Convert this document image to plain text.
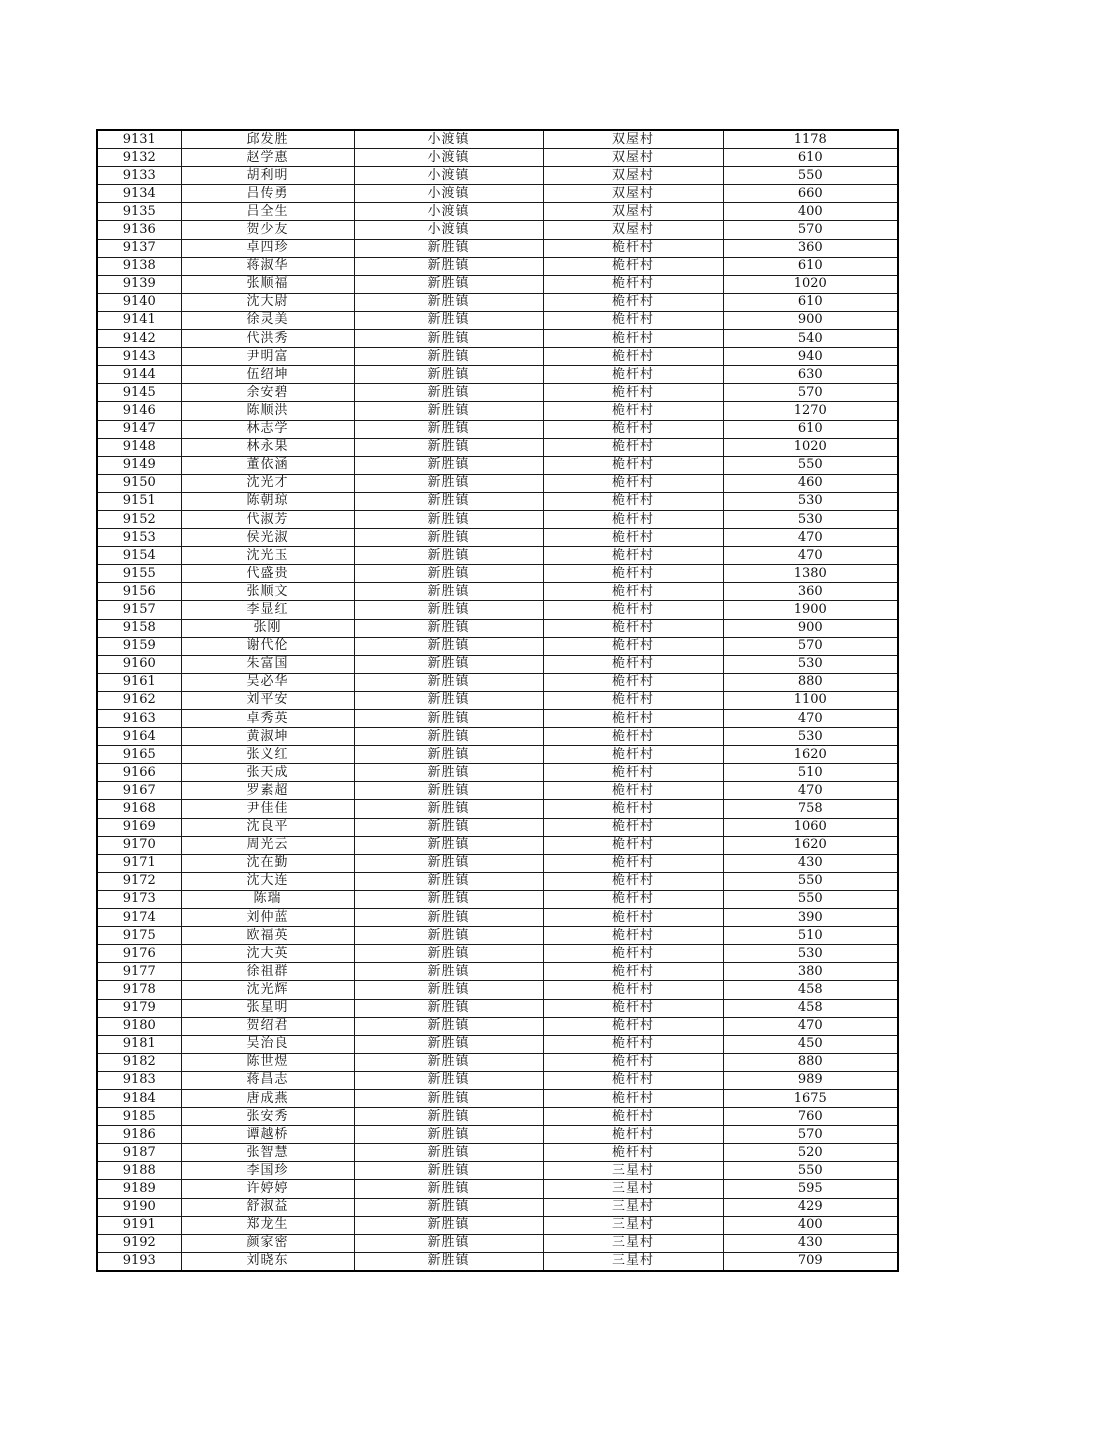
9131	邱发胜	小渡镇	双屋村	1178
9132	赵学惠	小渡镇	双屋村	610
9133	胡利明	小渡镇	双屋村	550
9134	吕传勇	小渡镇	双屋村	660
9135	吕全生	小渡镇	双屋村	400
9136	贺少友	小渡镇	双屋村	570
9137	卓四珍	新胜镇	桅杆村	360
9138	蒋淑华	新胜镇	桅杆村	610
9139	张顺福	新胜镇	桅杆村	1020
9140	沈大尉	新胜镇	桅杆村	610
9141	徐灵美	新胜镇	桅杆村	900
9142	代洪秀	新胜镇	桅杆村	540
9143	尹明富	新胜镇	桅杆村	940
9144	伍绍坤	新胜镇	桅杆村	630
9145	余安碧	新胜镇	桅杆村	570
9146	陈顺洪	新胜镇	桅杆村	1270
9147	林志学	新胜镇	桅杆村	610
9148	林永果	新胜镇	桅杆村	1020
9149	董依涵	新胜镇	桅杆村	550
9150	沈光才	新胜镇	桅杆村	460
9151	陈朝琼	新胜镇	桅杆村	530
9152	代淑芳	新胜镇	桅杆村	530
9153	侯光淑	新胜镇	桅杆村	470
9154	沈光玉	新胜镇	桅杆村	470
9155	代盛贵	新胜镇	桅杆村	1380
9156	张顺文	新胜镇	桅杆村	360
9157	李显红	新胜镇	桅杆村	1900
9158	张刚	新胜镇	桅杆村	900
9159	谢代伦	新胜镇	桅杆村	570
9160	朱富国	新胜镇	桅杆村	530
9161	吴必华	新胜镇	桅杆村	880
9162	刘平安	新胜镇	桅杆村	1100
9163	卓秀英	新胜镇	桅杆村	470
9164	黄淑坤	新胜镇	桅杆村	530
9165	张义红	新胜镇	桅杆村	1620
9166	张天成	新胜镇	桅杆村	510
9167	罗素超	新胜镇	桅杆村	470
9168	尹佳佳	新胜镇	桅杆村	758
9169	沈良平	新胜镇	桅杆村	1060
9170	周光云	新胜镇	桅杆村	1620
9171	沈在勤	新胜镇	桅杆村	430
9172	沈大连	新胜镇	桅杆村	550
9173	陈瑞	新胜镇	桅杆村	550
9174	刘仲蓝	新胜镇	桅杆村	390
9175	欧福英	新胜镇	桅杆村	510
9176	沈大英	新胜镇	桅杆村	530
9177	徐祖群	新胜镇	桅杆村	380
9178	沈光辉	新胜镇	桅杆村	458
9179	张星明	新胜镇	桅杆村	458
9180	贺绍君	新胜镇	桅杆村	470
9181	吴治良	新胜镇	桅杆村	450
9182	陈世煜	新胜镇	桅杆村	880
9183	蒋昌志	新胜镇	桅杆村	989
9184	唐成燕	新胜镇	桅杆村	1675
9185	张安秀	新胜镇	桅杆村	760
9186	谭越桥	新胜镇	桅杆村	570
9187	张智慧	新胜镇	桅杆村	520
9188	李国珍	新胜镇	三星村	550
9189	许婷婷	新胜镇	三星村	595
9190	舒淑益	新胜镇	三星村	429
9191	郑龙生	新胜镇	三星村	400
9192	颜家密	新胜镇	三星村	430
9193	刘晓东	新胜镇	三星村	709
